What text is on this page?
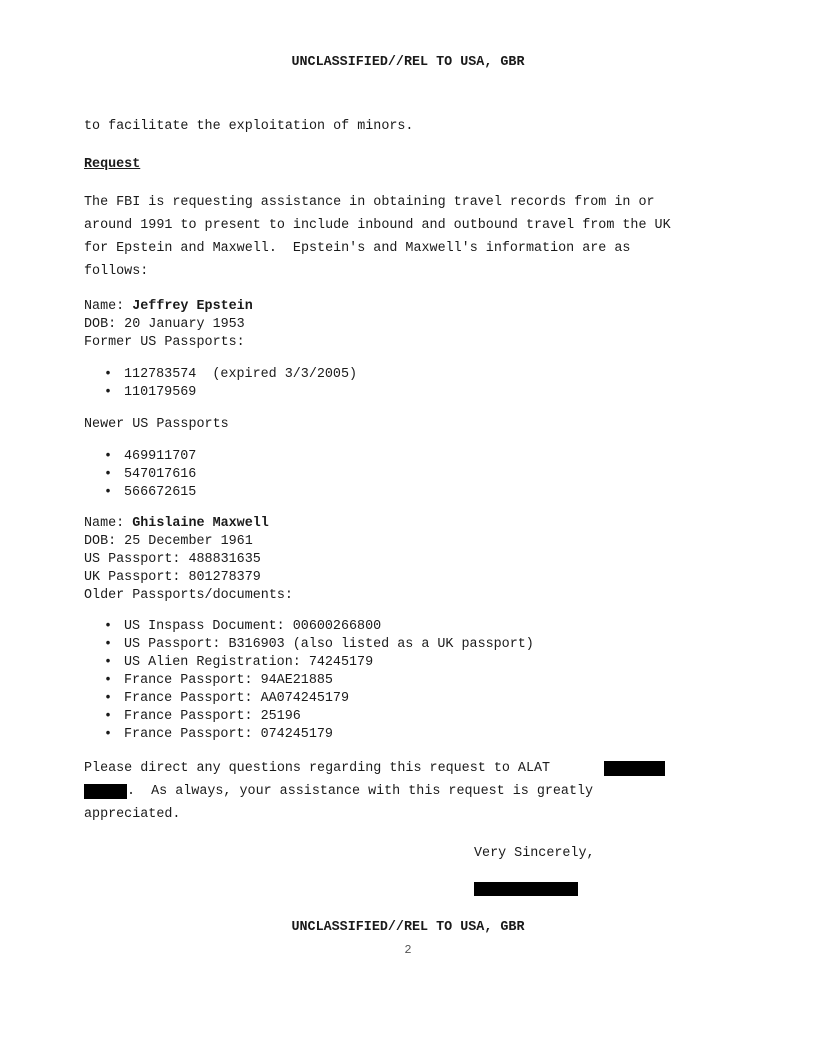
UNCLASSIFIED//REL TO USA, GBR
to facilitate the exploitation of minors.
Request
The FBI is requesting assistance in obtaining travel records from in or
around 1991 to present to include inbound and outbound travel from the UK
for Epstein and Maxwell.  Epstein's and Maxwell's information are as
follows:
Name: Jeffrey Epstein
DOB: 20 January 1953
Former US Passports:
• 112783574  (expired 3/3/2005)
• 110179569
Newer US Passports
• 469911707
• 547017616
• 566672615
Name: Ghislaine Maxwell
DOB: 25 December 1961
US Passport: 488831635
UK Passport: 801278379
Older Passports/documents:
• US Inspass Document: 00600266800
• US Passport: B316903 (also listed as a UK passport)
• US Alien Registration: 74245179
• France Passport: 94AE21885
• France Passport: AA074245179
• France Passport: 25196
• France Passport: 074245179
Please direct any questions regarding this request to ALAT
.  As always, your assistance with this request is greatly
appreciated.
Very Sincerely,
UNCLASSIFIED//REL TO USA, GBR
2
